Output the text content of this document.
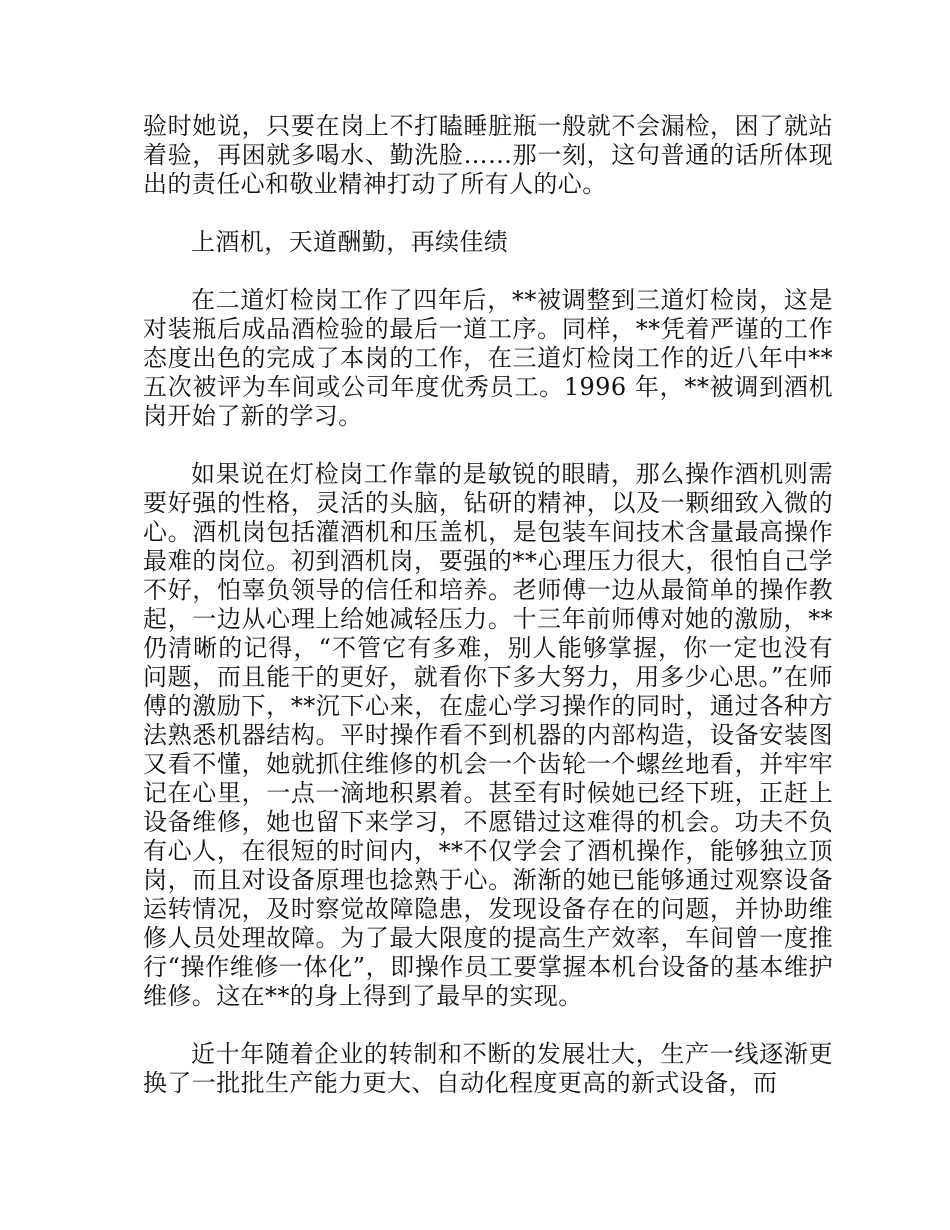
验时她说，只要在岗上不打瞌睡脏瓶一般就不会漏检，困了就站着验，再困就多喝水、勤洗脸……那一刻，这句普通的话所体现出的责任心和敬业精神打动了所有人的心。

上酒机，天道酬勤，再续佳绩

在二道灯检岗工作了四年后，**被调整到三道灯检岗，这是对装瓶后成品酒检验的最后一道工序。同样，**凭着严谨的工作态度出色的完成了本岗的工作，在三道灯检岗工作的近八年中**五次被评为车间或公司年度优秀员工。1996 年，**被调到酒机岗开始了新的学习。

如果说在灯检岗工作靠的是敏锐的眼睛，那么操作酒机则需要好强的性格，灵活的头脑，钻研的精神，以及一颗细致入微的心。酒机岗包括灌酒机和压盖机，是包装车间技术含量最高操作最难的岗位。初到酒机岗，要强的**心理压力很大，很怕自己学不好，怕辜负领导的信任和培养。老师傅一边从最简单的操作教起，一边从心理上给她减轻压力。十三年前师傅对她的激励，**仍清晰的记得，“不管它有多难，别人能够掌握，你一定也没有问题，而且能干的更好，就看你下多大努力，用多少心思。”在师傅的激励下，**沉下心来，在虚心学习操作的同时，通过各种方法熟悉机器结构。平时操作看不到机器的内部构造，设备安装图又看不懂，她就抓住维修的机会一个齿轮一个螺丝地看，并牢牢记在心里，一点一滴地积累着。甚至有时候她已经下班，正赶上设备维修，她也留下来学习，不愿错过这难得的机会。功夫不负有心人，在很短的时间内，**不仅学会了酒机操作，能够独立顶岗，而且对设备原理也捻熟于心。渐渐的她已能够通过观察设备运转情况，及时察觉故障隐患，发现设备存在的问题，并协助维修人员处理故障。为了最大限度的提高生产效率，车间曾一度推行“操作维修一体化”，即操作员工要掌握本机台设备的基本维护维修。这在**的身上得到了最早的实现。

近十年随着企业的转制和不断的发展壮大，生产一线逐渐更换了一批批生产能力更大、自动化程度更高的新式设备，而
